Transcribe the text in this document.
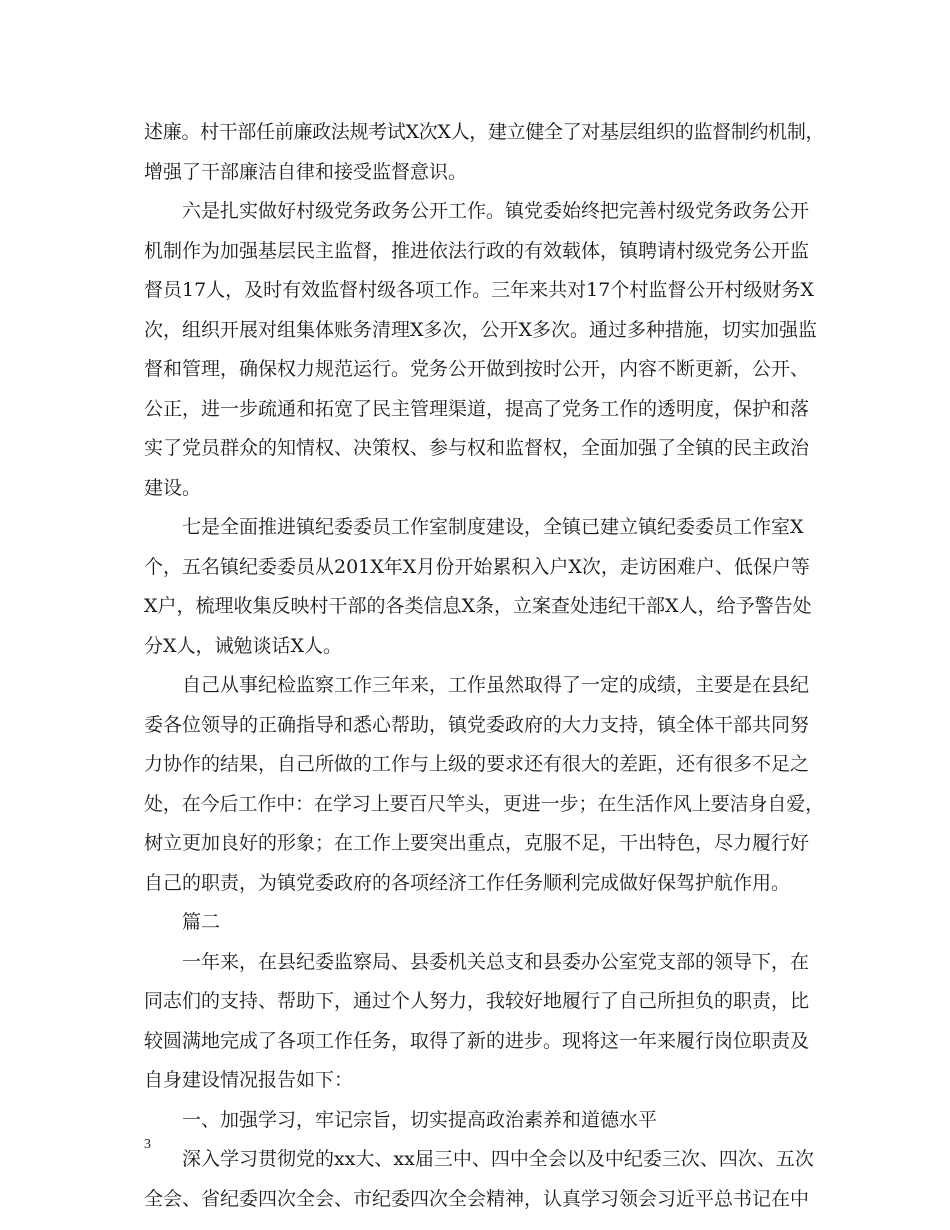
述廉。村干部任前廉政法规考试X次X人，建立健全了对基层组织的监督制约机制，
增强了干部廉洁自律和接受监督意识。
六是扎实做好村级党务政务公开工作。镇党委始终把完善村级党务政务公开
机制作为加强基层民主监督，推进依法行政的有效载体，镇聘请村级党务公开监
督员17人，及时有效监督村级各项工作。三年来共对17个村监督公开村级财务X
次，组织开展对组集体账务清理X多次，公开X多次。通过多种措施，切实加强监
督和管理，确保权力规范运行。党务公开做到按时公开，内容不断更新，公开、
公正，进一步疏通和拓宽了民主管理渠道，提高了党务工作的透明度，保护和落
实了党员群众的知情权、决策权、参与权和监督权，全面加强了全镇的民主政治
建设。
七是全面推进镇纪委委员工作室制度建设，全镇已建立镇纪委委员工作室X
个，五名镇纪委委员从201X年X月份开始累积入户X次，走访困难户、低保户等
X户，梳理收集反映村干部的各类信息X条，立案查处违纪干部X人，给予警告处
分X人，诫勉谈话X人。
自己从事纪检监察工作三年来，工作虽然取得了一定的成绩，主要是在县纪
委各位领导的正确指导和悉心帮助，镇党委政府的大力支持，镇全体干部共同努
力协作的结果，自己所做的工作与上级的要求还有很大的差距，还有很多不足之
处，在今后工作中：在学习上要百尺竿头，更进一步；在生活作风上要洁身自爱，
树立更加良好的形象；在工作上要突出重点，克服不足，干出特色，尽力履行好
自己的职责，为镇党委政府的各项经济工作任务顺利完成做好保驾护航作用。
篇二
一年来，在县纪委监察局、县委机关总支和县委办公室党支部的领导下，在
同志们的支持、帮助下，通过个人努力，我较好地履行了自己所担负的职责，比
较圆满地完成了各项工作任务，取得了新的进步。现将这一年来履行岗位职责及
自身建设情况报告如下：
一、加强学习，牢记宗旨，切实提高政治素养和道德水平
深入学习贯彻党的xx大、xx届三中、四中全会以及中纪委三次、四次、五次
全会、省纪委四次全会、市纪委四次全会精神，认真学习领会习近平总书记在中
3
